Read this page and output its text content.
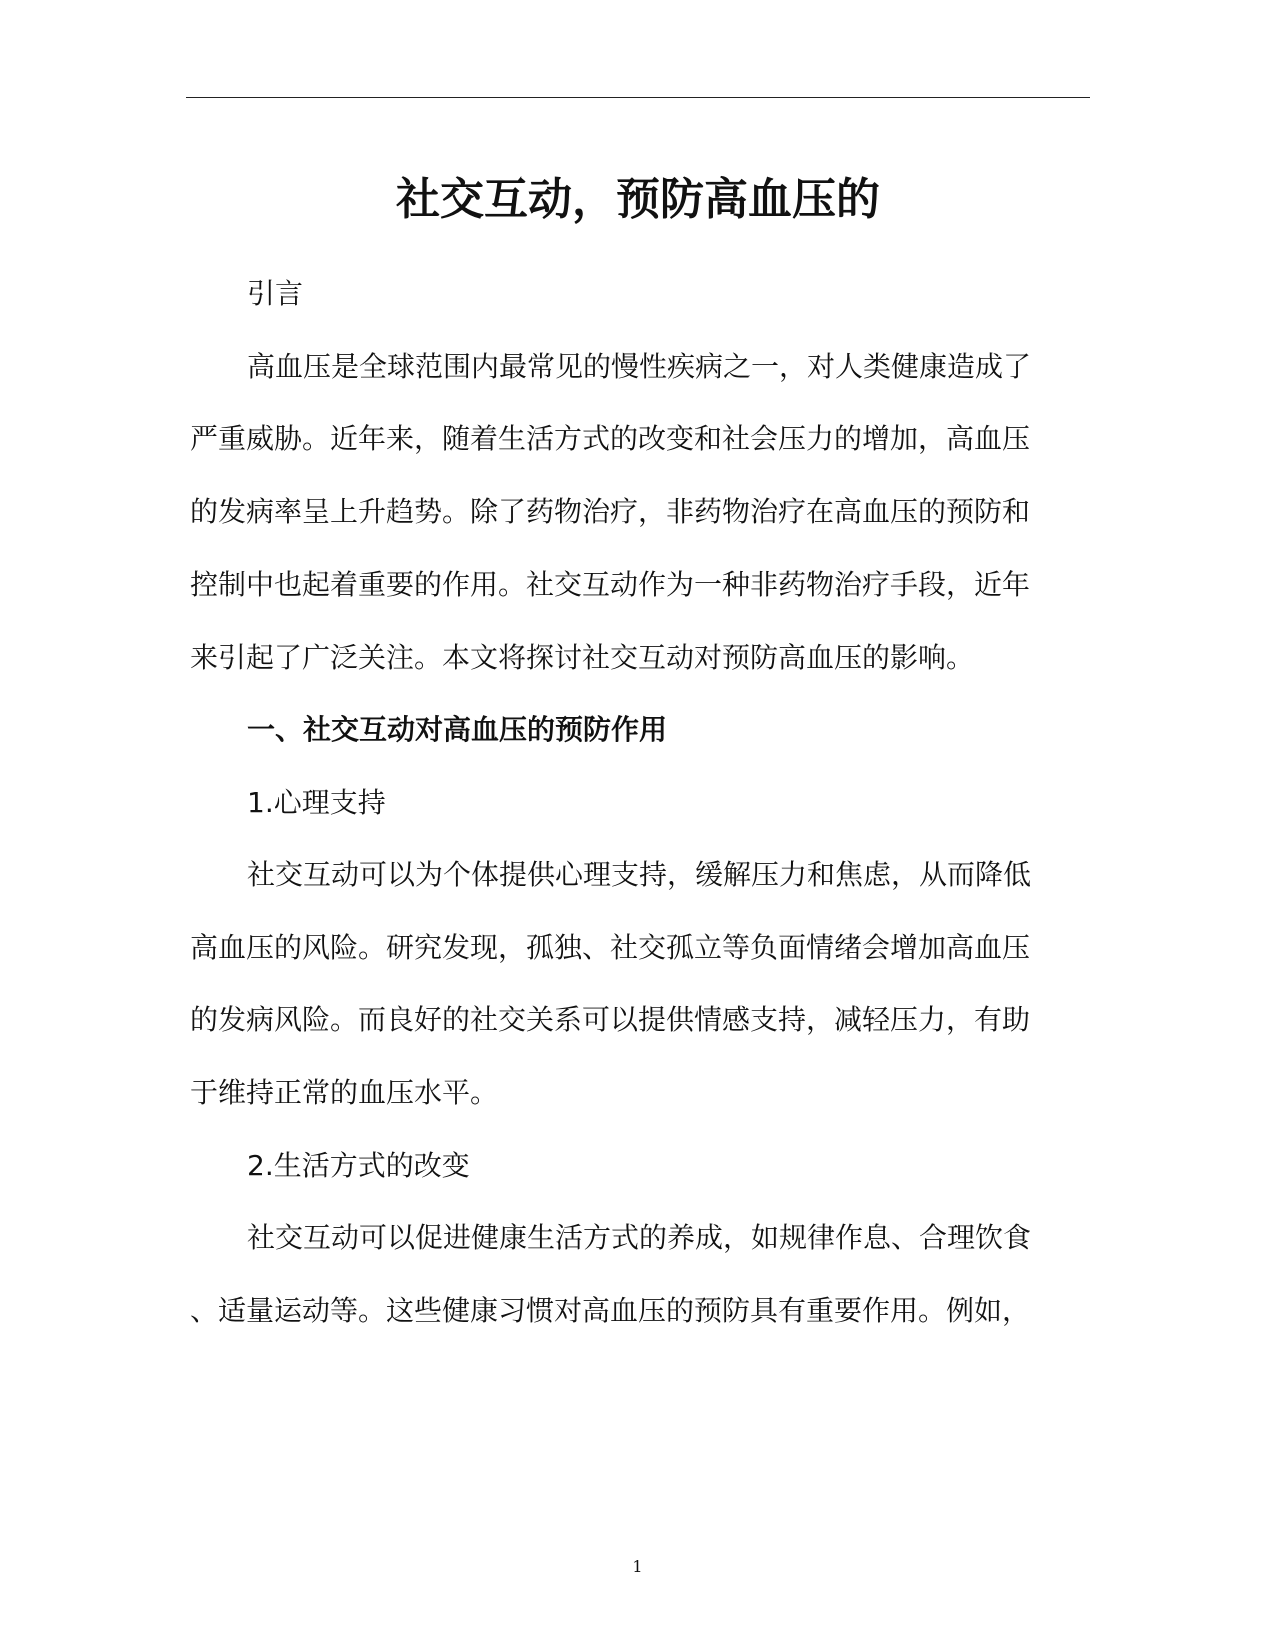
社交互动，预防高血压的

引言

高血压是全球范围内最常见的慢性疾病之一，对人类健康造成了

严重威胁。近年来，随着生活方式的改变和社会压力的增加，高血压

的发病率呈上升趋势。除了药物治疗，非药物治疗在高血压的预防和

控制中也起着重要的作用。社交互动作为一种非药物治疗手段，近年

来引起了广泛关注。本文将探讨社交互动对预防高血压的影响。

一、社交互动对高血压的预防作用

1.心理支持

社交互动可以为个体提供心理支持，缓解压力和焦虑，从而降低

高血压的风险。研究发现，孤独、社交孤立等负面情绪会增加高血压

的发病风险。而良好的社交关系可以提供情感支持，减轻压力，有助

于维持正常的血压水平。

2.生活方式的改变

社交互动可以促进健康生活方式的养成，如规律作息、合理饮食

、适量运动等。这些健康习惯对高血压的预防具有重要作用。例如，

1
